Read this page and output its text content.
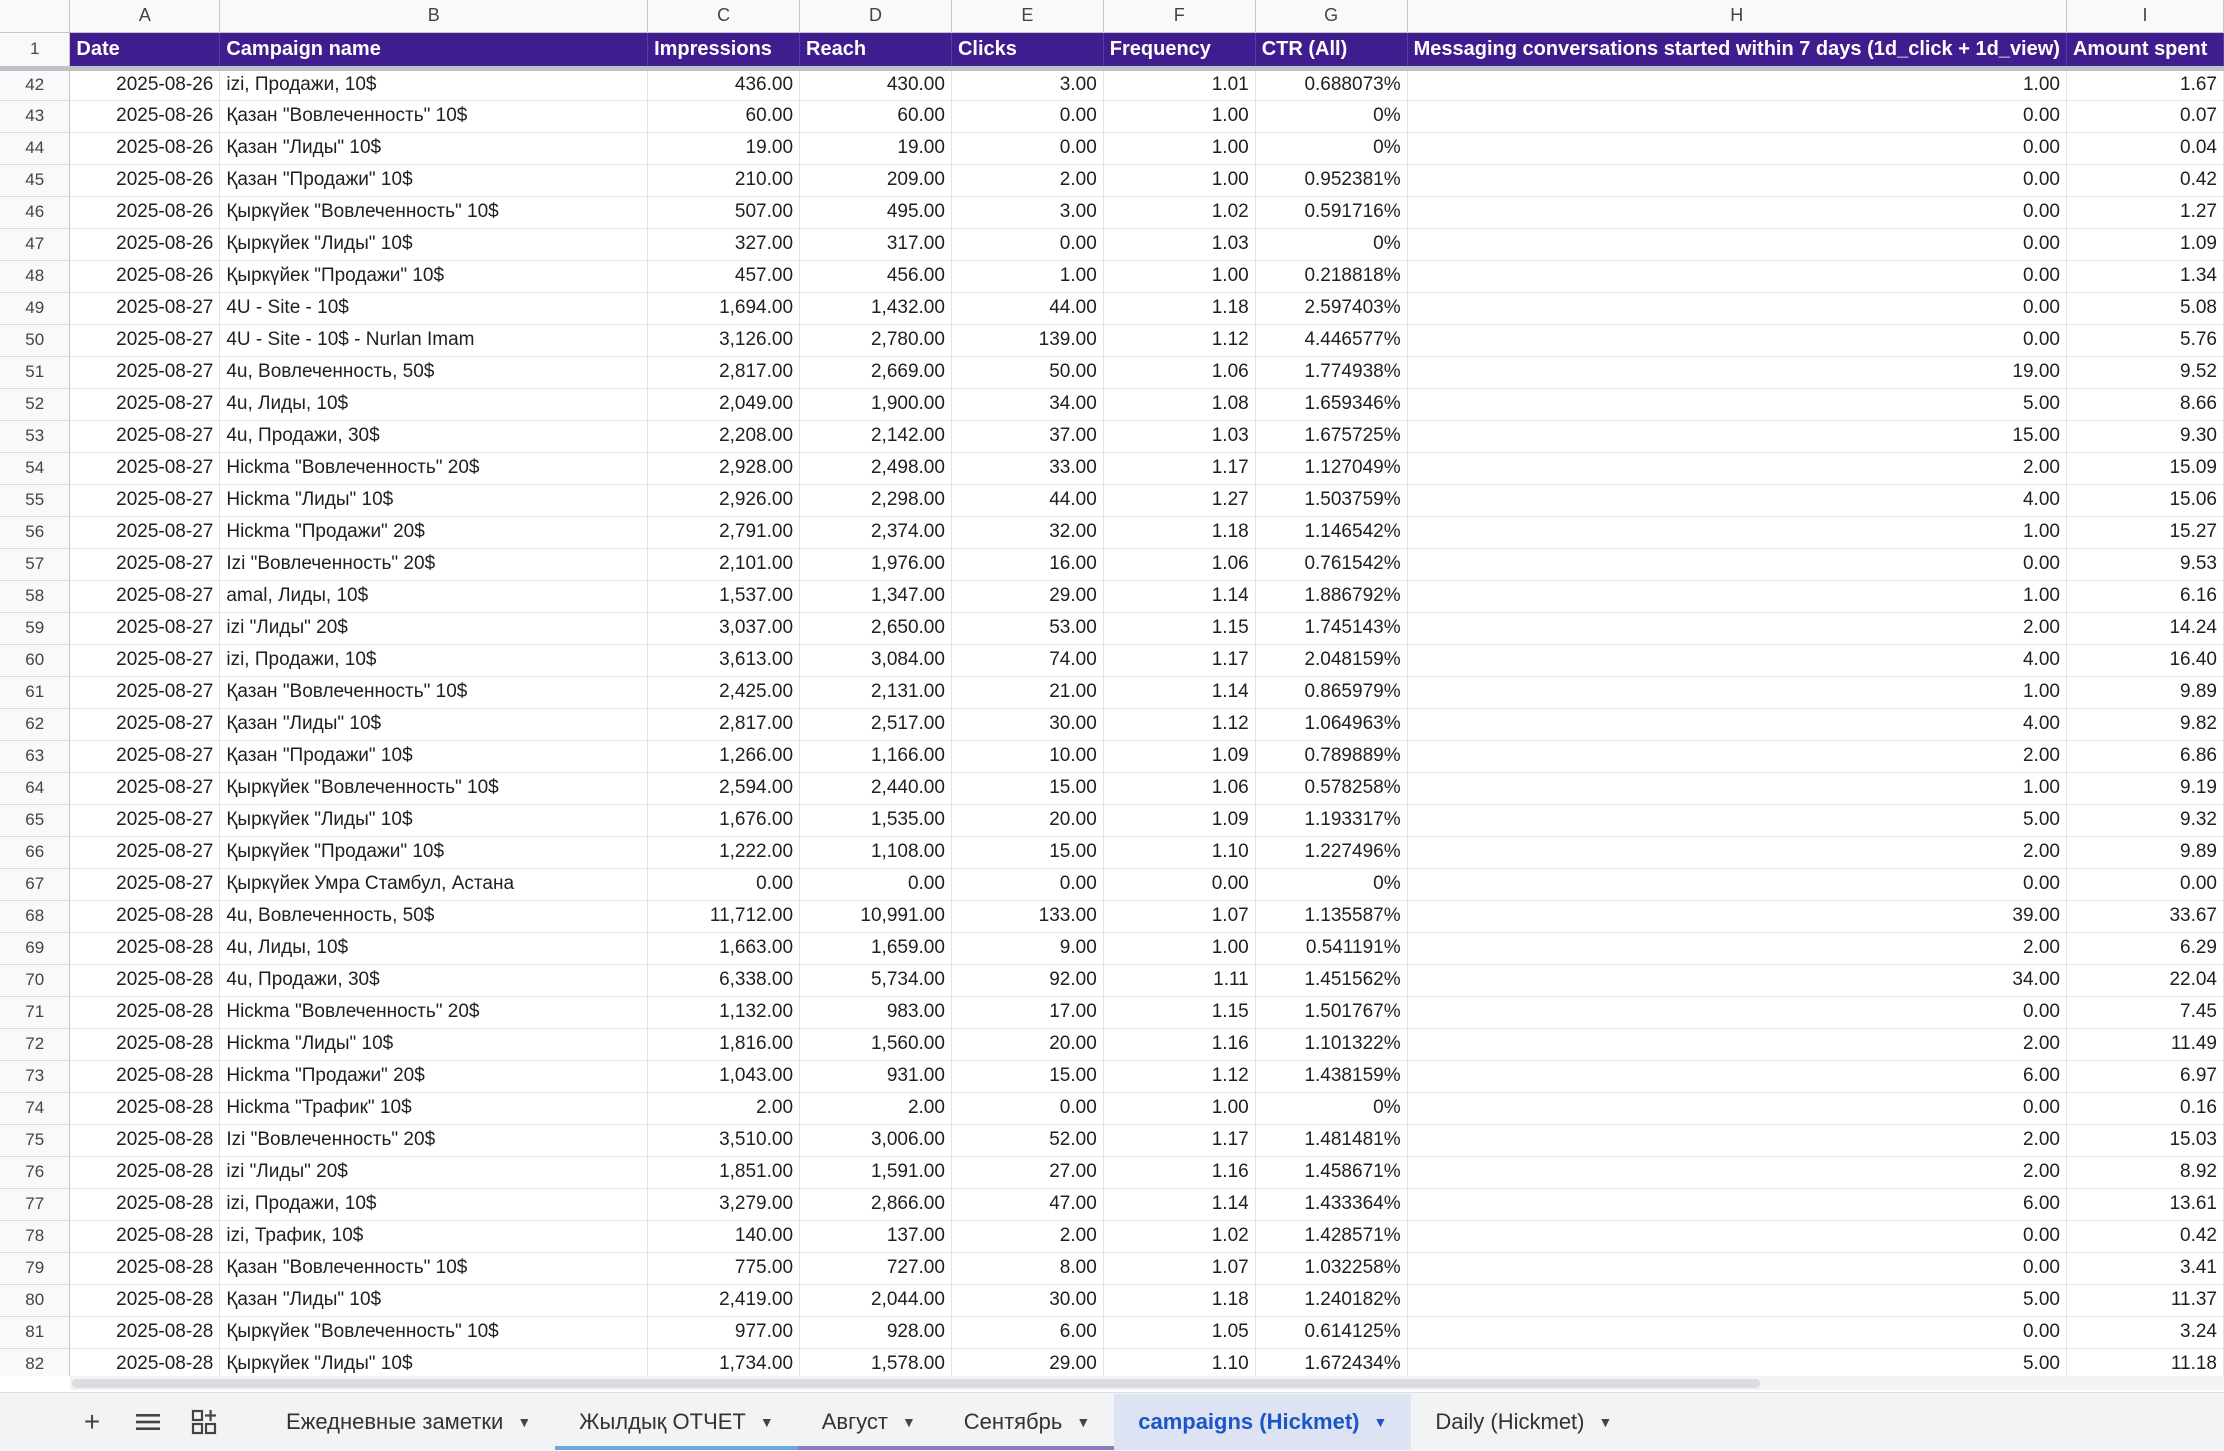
	A	B	C	D	E	F	G	H	I
1	Date	Campaign name	Impressions	Reach	Clicks	Frequency	CTR (All)	Messaging conversations started within 7 days (1d_click + 1d_view)	Amount spent
42	2025-08-26	izi, Продажи, 10$	436.00	430.00	3.00	1.01	0.688073%	1.00	1.67
43	2025-08-26	Қазан "Вовлеченность" 10$	60.00	60.00	0.00	1.00	0%	0.00	0.07
44	2025-08-26	Қазан "Лиды" 10$	19.00	19.00	0.00	1.00	0%	0.00	0.04
45	2025-08-26	Қазан "Продажи" 10$	210.00	209.00	2.00	1.00	0.952381%	0.00	0.42
46	2025-08-26	Қыркүйек "Вовлеченность" 10$	507.00	495.00	3.00	1.02	0.591716%	0.00	1.27
47	2025-08-26	Қыркүйек "Лиды" 10$	327.00	317.00	0.00	1.03	0%	0.00	1.09
48	2025-08-26	Қыркүйек "Продажи" 10$	457.00	456.00	1.00	1.00	0.218818%	0.00	1.34
49	2025-08-27	4U - Site - 10$	1,694.00	1,432.00	44.00	1.18	2.597403%	0.00	5.08
50	2025-08-27	4U - Site - 10$ - Nurlan Imam	3,126.00	2,780.00	139.00	1.12	4.446577%	0.00	5.76
51	2025-08-27	4u, Вовлеченность, 50$	2,817.00	2,669.00	50.00	1.06	1.774938%	19.00	9.52
52	2025-08-27	4u, Лиды, 10$	2,049.00	1,900.00	34.00	1.08	1.659346%	5.00	8.66
53	2025-08-27	4u, Продажи, 30$	2,208.00	2,142.00	37.00	1.03	1.675725%	15.00	9.30
54	2025-08-27	Hickma "Вовлеченность" 20$	2,928.00	2,498.00	33.00	1.17	1.127049%	2.00	15.09
55	2025-08-27	Hickma "Лиды" 10$	2,926.00	2,298.00	44.00	1.27	1.503759%	4.00	15.06
56	2025-08-27	Hickma "Продажи" 20$	2,791.00	2,374.00	32.00	1.18	1.146542%	1.00	15.27
57	2025-08-27	Izi "Вовлеченность" 20$	2,101.00	1,976.00	16.00	1.06	0.761542%	0.00	9.53
58	2025-08-27	amal, Лиды, 10$	1,537.00	1,347.00	29.00	1.14	1.886792%	1.00	6.16
59	2025-08-27	izi "Лиды" 20$	3,037.00	2,650.00	53.00	1.15	1.745143%	2.00	14.24
60	2025-08-27	izi, Продажи, 10$	3,613.00	3,084.00	74.00	1.17	2.048159%	4.00	16.40
61	2025-08-27	Қазан "Вовлеченность" 10$	2,425.00	2,131.00	21.00	1.14	0.865979%	1.00	9.89
62	2025-08-27	Қазан "Лиды" 10$	2,817.00	2,517.00	30.00	1.12	1.064963%	4.00	9.82
63	2025-08-27	Қазан "Продажи" 10$	1,266.00	1,166.00	10.00	1.09	0.789889%	2.00	6.86
64	2025-08-27	Қыркүйек "Вовлеченность" 10$	2,594.00	2,440.00	15.00	1.06	0.578258%	1.00	9.19
65	2025-08-27	Қыркүйек "Лиды" 10$	1,676.00	1,535.00	20.00	1.09	1.193317%	5.00	9.32
66	2025-08-27	Қыркүйек "Продажи" 10$	1,222.00	1,108.00	15.00	1.10	1.227496%	2.00	9.89
67	2025-08-27	Қыркүйек Умра Стамбул, Астана	0.00	0.00	0.00	0.00	0%	0.00	0.00
68	2025-08-28	4u, Вовлеченность, 50$	11,712.00	10,991.00	133.00	1.07	1.135587%	39.00	33.67
69	2025-08-28	4u, Лиды, 10$	1,663.00	1,659.00	9.00	1.00	0.541191%	2.00	6.29
70	2025-08-28	4u, Продажи, 30$	6,338.00	5,734.00	92.00	1.11	1.451562%	34.00	22.04
71	2025-08-28	Hickma "Вовлеченность" 20$	1,132.00	983.00	17.00	1.15	1.501767%	0.00	7.45
72	2025-08-28	Hickma "Лиды" 10$	1,816.00	1,560.00	20.00	1.16	1.101322%	2.00	11.49
73	2025-08-28	Hickma "Продажи" 20$	1,043.00	931.00	15.00	1.12	1.438159%	6.00	6.97
74	2025-08-28	Hickma "Трафик" 10$	2.00	2.00	0.00	1.00	0%	0.00	0.16
75	2025-08-28	Izi "Вовлеченность" 20$	3,510.00	3,006.00	52.00	1.17	1.481481%	2.00	15.03
76	2025-08-28	izi "Лиды" 20$	1,851.00	1,591.00	27.00	1.16	1.458671%	2.00	8.92
77	2025-08-28	izi, Продажи, 10$	3,279.00	2,866.00	47.00	1.14	1.433364%	6.00	13.61
78	2025-08-28	izi, Трафик, 10$	140.00	137.00	2.00	1.02	1.428571%	0.00	0.42
79	2025-08-28	Қазан "Вовлеченность" 10$	775.00	727.00	8.00	1.07	1.032258%	0.00	3.41
80	2025-08-28	Қазан "Лиды" 10$	2,419.00	2,044.00	30.00	1.18	1.240182%	5.00	11.37
81	2025-08-28	Қыркүйек "Вовлеченность" 10$	977.00	928.00	6.00	1.05	0.614125%	0.00	3.24
82	2025-08-28	Қыркүйек "Лиды" 10$	1,734.00	1,578.00	29.00	1.10	1.672434%	5.00	11.18
+	Ежедневные заметки ▼ Жылдық ОТЧЕТ ▼ Август ▼ Сентябрь ▼ campaigns (Hickmet) ▼ Daily (Hickmet) ▼
